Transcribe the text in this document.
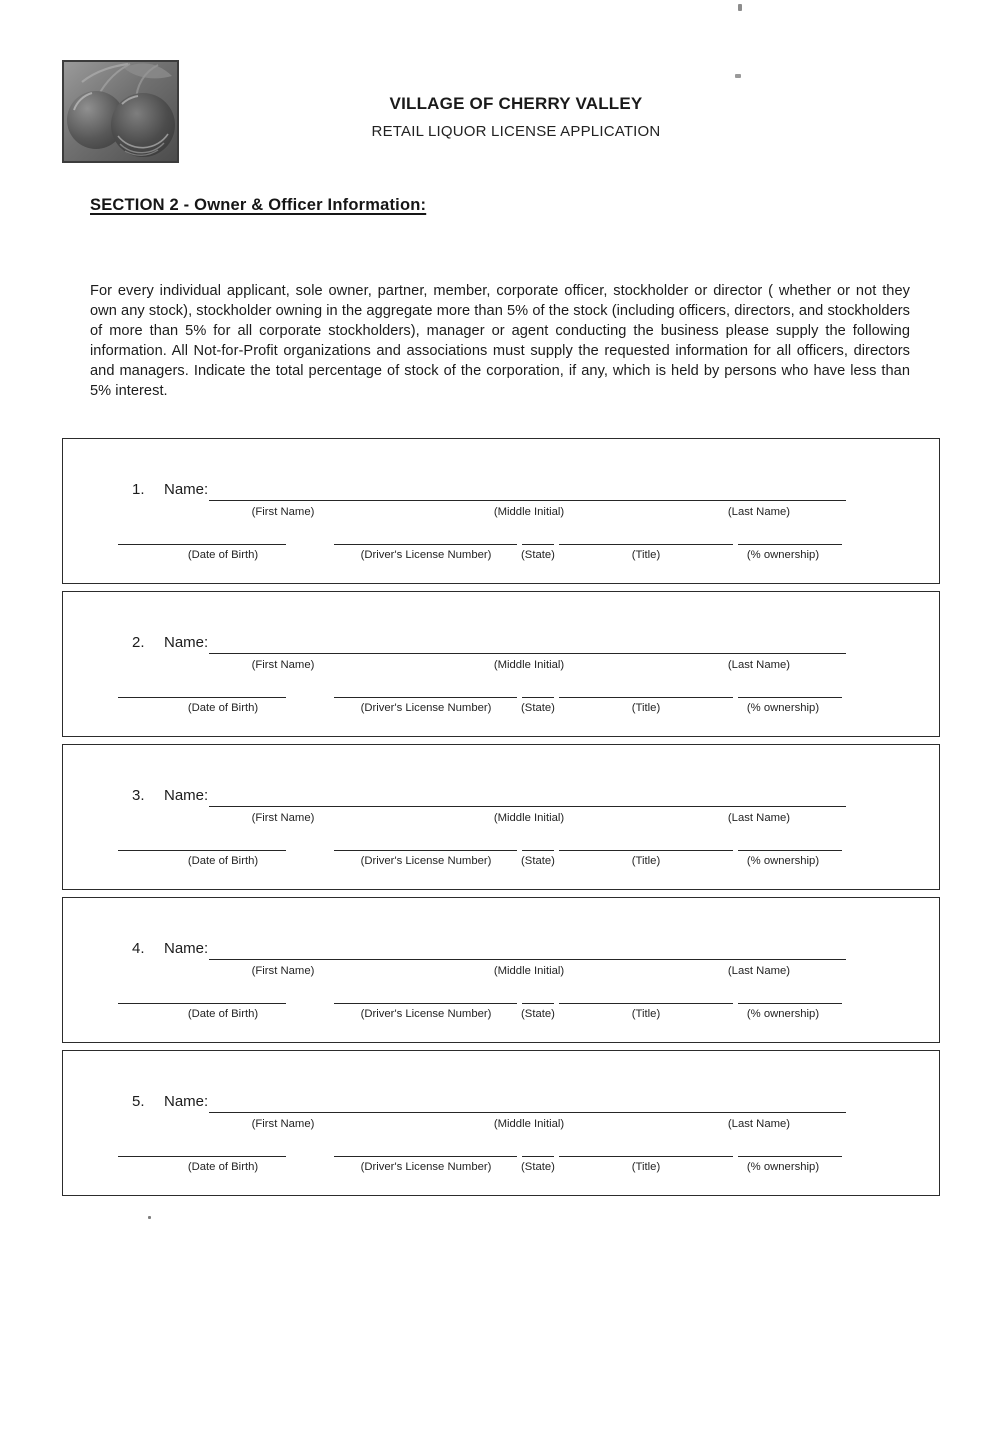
VILLAGE OF CHERRY VALLEY
RETAIL LIQUOR LICENSE APPLICATION
SECTION 2 - Owner & Officer Information:

For every individual applicant, sole owner, partner, member, corporate officer, stockholder or director ( whether or not they own any stock), stockholder owning in the aggregate more than 5% of the stock (including officers, directors, and stockholders of more than 5% for all corporate stockholders), manager or agent conducting the business please supply the following information. All Not-for-Profit organizations and associations must supply the requested information for all officers, directors and managers. Indicate the total percentage of stock of the corporation, if any, which is held by persons who have less than 5% interest.

1. Name:
(First Name)	(Middle Initial)	(Last Name)
(Date of Birth)	(Driver's License Number)	(State)	(Title)	(% ownership)
2. Name:
(First Name)	(Middle Initial)	(Last Name)
(Date of Birth)	(Driver's License Number)	(State)	(Title)	(% ownership)
3. Name:
(First Name)	(Middle Initial)	(Last Name)
(Date of Birth)	(Driver's License Number)	(State)	(Title)	(% ownership)
4. Name:
(First Name)	(Middle Initial)	(Last Name)
(Date of Birth)	(Driver's License Number)	(State)	(Title)	(% ownership)
5. Name:
(First Name)	(Middle Initial)	(Last Name)
(Date of Birth)	(Driver's License Number)	(State)	(Title)	(% ownership)
